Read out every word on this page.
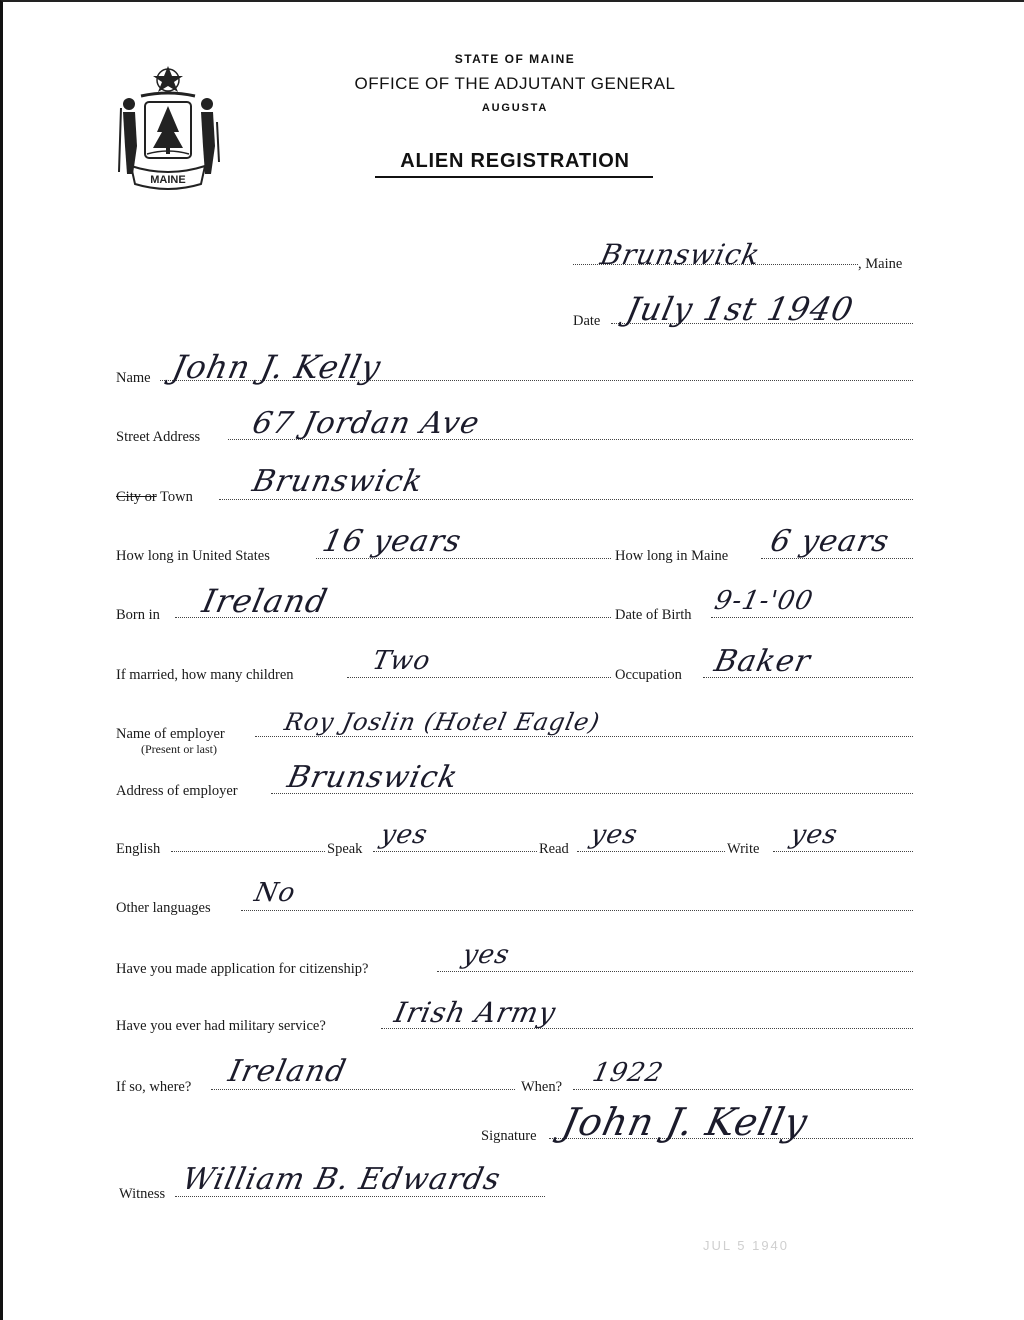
MAINE
STATE OF MAINE
OFFICE OF THE ADJUTANT GENERAL
AUGUSTA
ALIEN REGISTRATION
Brunswick	, Maine
Date July 1st 1940
Name John J. Kelly
Street Address 67 Jordan Ave
City or Town Brunswick
How long in United States 16 years	How long in Maine 6 years
Born in Ireland	Date of Birth 9-1-'00
If married, how many children	Two	Occupation Baker
Name of employer
(Present or last)
Roy Joslin (Hotel Eagle)
Address of employer Brunswick
English	Speak yes	Read yes	Write yes
Other languages No
Have you made application for citizenship?	yes
Have you ever had military service? Irish Army
If so, where? Ireland	When? 1922
Signature John J. Kelly
Witness William B. Edwards
JUL 5 1940
